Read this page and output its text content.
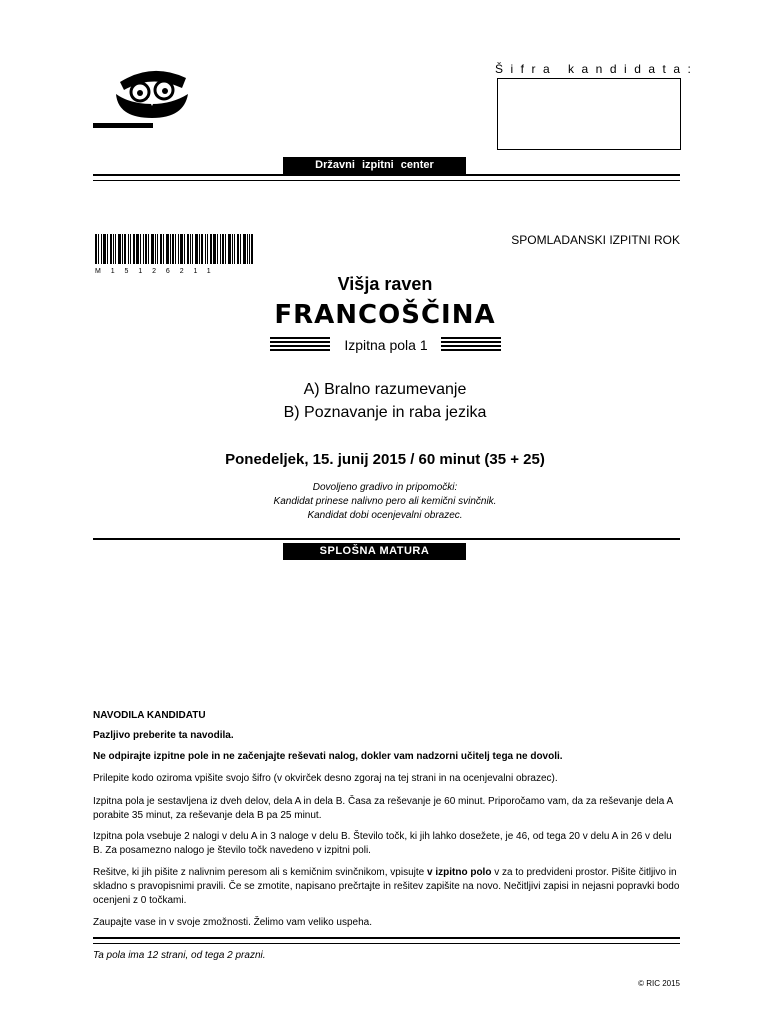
Šifra kandidata:
Državni izpitni center
M15126211
SPOMLADANSKI IZPITNI ROK
Višja raven
FRANCOŠČINA
Izpitna pola 1
A) Bralno razumevanje
B) Poznavanje in raba jezika
Ponedeljek, 15. junij 2015 / 60 minut (35 + 25)
Dovoljeno gradivo in pripomočki:
Kandidat prinese nalivno pero ali kemični svinčnik.
Kandidat dobi ocenjevalni obrazec.
SPLOŠNA MATURA
NAVODILA KANDIDATU
Pazljivo preberite ta navodila.
Ne odpirajte izpitne pole in ne začenjajte reševati nalog, dokler vam nadzorni učitelj tega ne dovoli.
Prilepite kodo oziroma vpišite svojo šifro (v okvirček desno zgoraj na tej strani in na ocenjevalni obrazec).
Izpitna pola je sestavljena iz dveh delov, dela A in dela B. Časa za reševanje je 60 minut. Priporočamo vam, da za reševanje dela A porabite 35 minut, za reševanje dela B pa 25 minut.
Izpitna pola vsebuje 2 nalogi v delu A in 3 naloge v delu B. Število točk, ki jih lahko dosežete, je 46, od tega 20 v delu A in 26 v delu B. Za posamezno nalogo je število točk navedeno v izpitni poli.
Rešitve, ki jih pišite z nalivnim peresom ali s kemičnim svinčnikom, vpisujte v izpitno polo v za to predvideni prostor. Pišite čitljivo in skladno s pravopisnimi pravili. Če se zmotite, napisano prečrtajte in rešitev zapišite na novo. Nečitljivi zapisi in nejasni popravki bodo ocenjeni z 0 točkami.
Zaupajte vase in v svoje zmožnosti. Želimo vam veliko uspeha.
Ta pola ima 12 strani, od tega 2 prazni.
© RIC 2015
